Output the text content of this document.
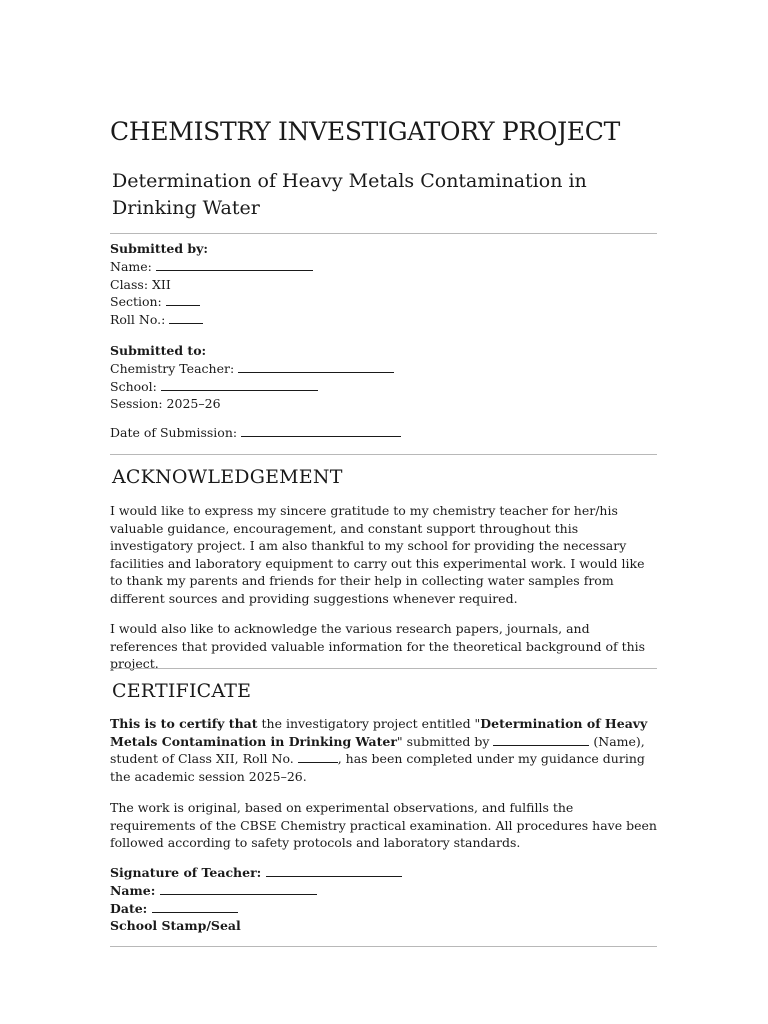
CHEMISTRY INVESTIGATORY PROJECT
Determination of Heavy Metals Contamination in Drinking Water
Submitted by:
Name:
Class: XII
Section:
Roll No.:
Submitted to:
Chemistry Teacher:
School:
Session: 2025–26
Date of Submission:
ACKNOWLEDGEMENT

I would like to express my sincere gratitude to my chemistry teacher for her/his valuable guidance, encouragement, and constant support throughout this investigatory project. I am also thankful to my school for providing the necessary facilities and laboratory equipment to carry out this experimental work. I would like to thank my parents and friends for their help in collecting water samples from different sources and providing suggestions whenever required.

I would also like to acknowledge the various research papers, journals, and references that provided valuable information for the theoretical background of this project.

CERTIFICATE

This is to certify that the investigatory project entitled "Determination of Heavy Metals Contamination in Drinking Water" submitted by	(Name), student of Class XII, Roll No.	, has been completed under my guidance during the academic session 2025–26.

The work is original, based on experimental observations, and fulfills the requirements of the CBSE Chemistry practical examination. All procedures have been followed according to safety protocols and laboratory standards.

Signature of Teacher:
Name:
Date:
School Stamp/Seal
